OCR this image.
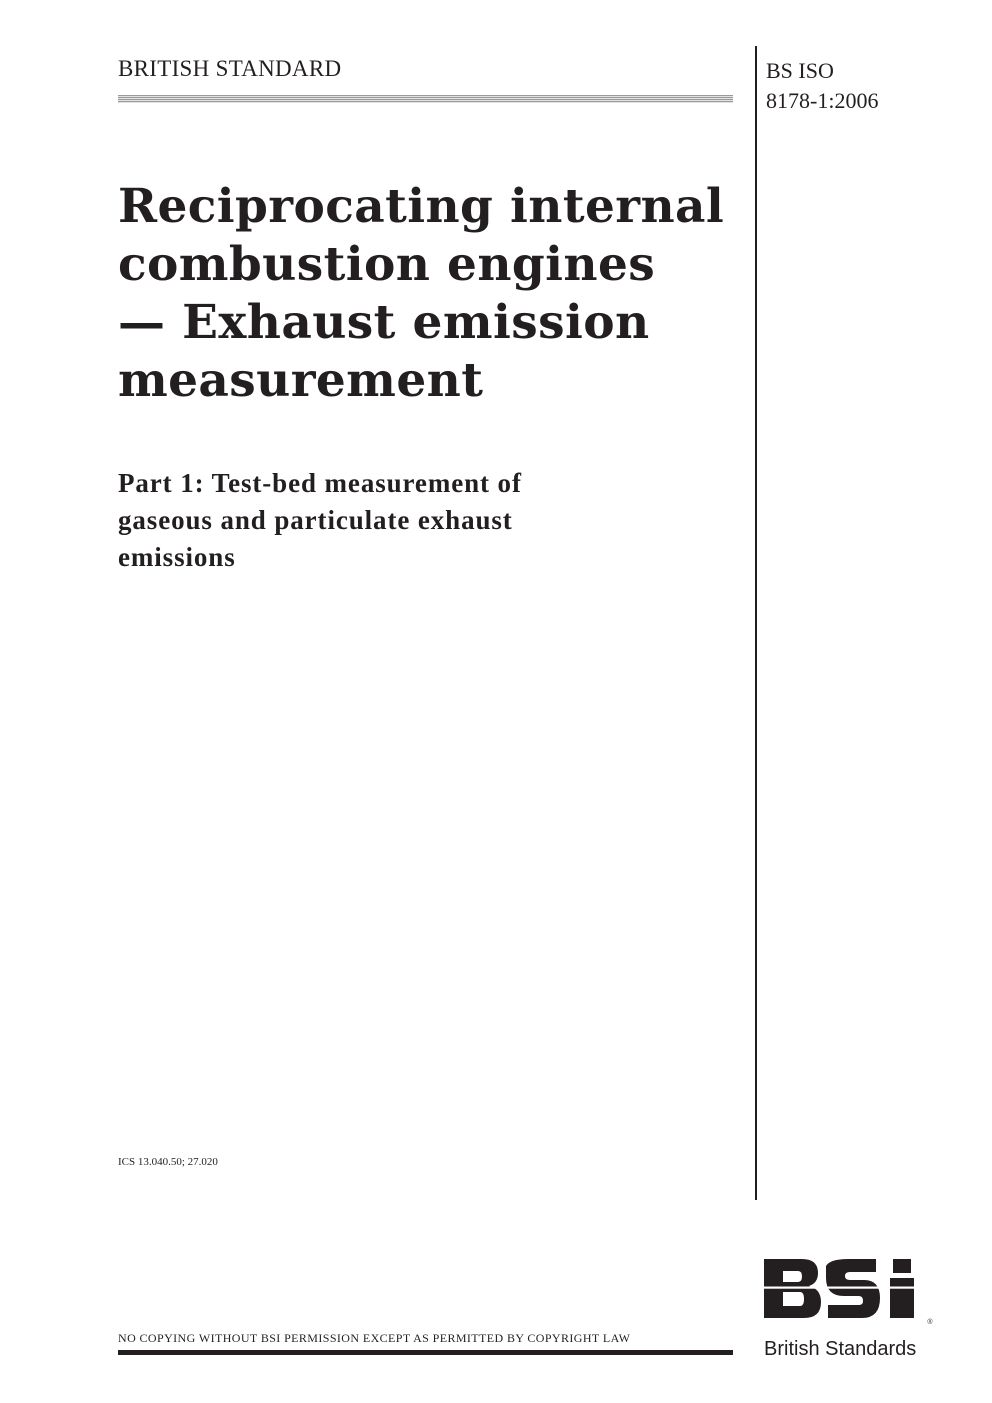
BRITISH STANDARD	BS ISO
8178-1:2006
Reciprocating internal
combustion engines
— Exhaust emission
measurement
Part 1: Test-bed measurement of
gaseous and particulate exhaust
emissions
ICS 13.040.50; 27.020
NO COPYING WITHOUT BSI PERMISSION EXCEPT AS PERMITTED BY COPYRIGHT LAW
®
British Standards
